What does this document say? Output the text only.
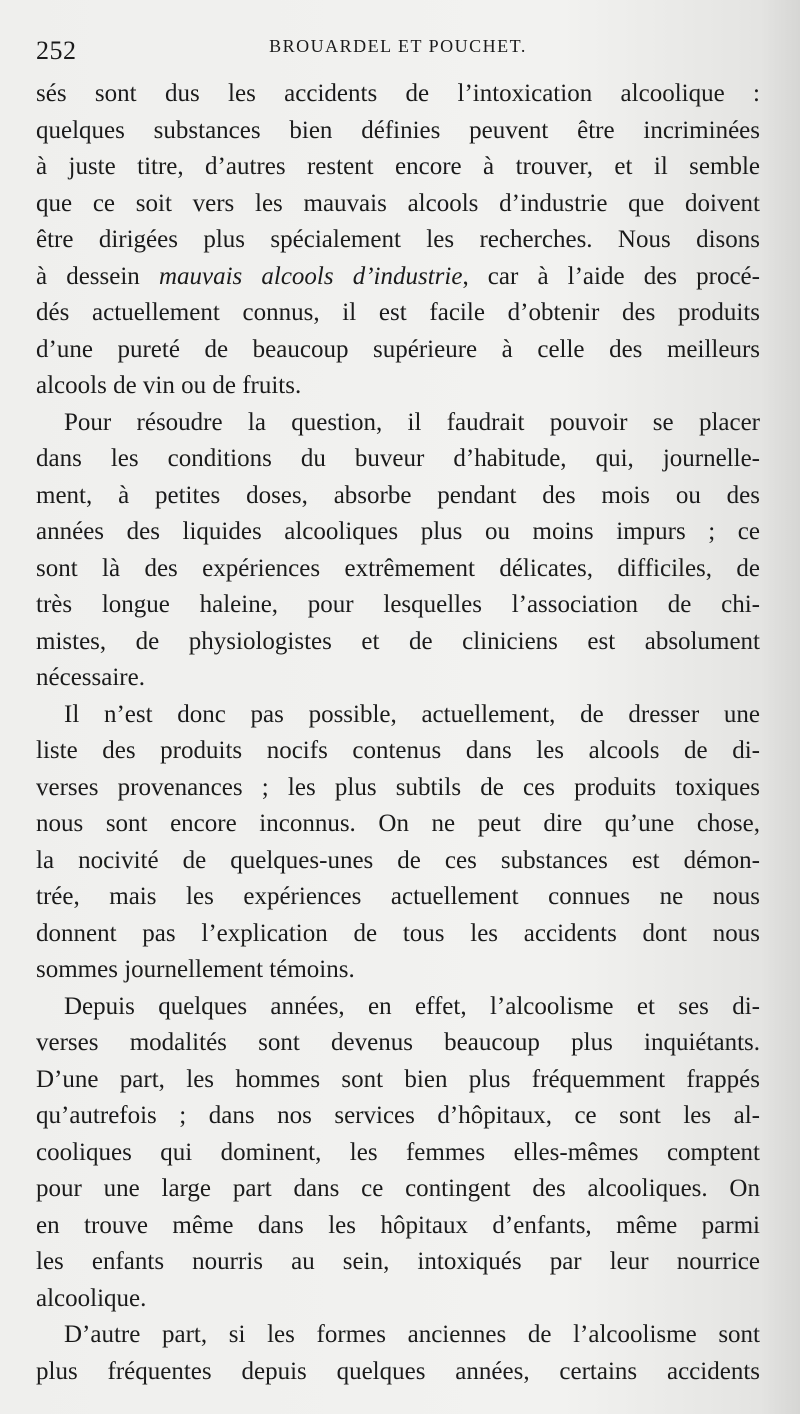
252	BROUARDEL ET POUCHET.
sés sont dus les accidents de l’intoxication alcoolique :
quelques substances bien définies peuvent être incriminées
à juste titre, d’autres restent encore à trouver, et il semble
que ce soit vers les mauvais alcools d’industrie que doivent
être dirigées plus spécialement les recherches. Nous disons
à dessein mauvais alcools d’industrie, car à l’aide des procé-
dés actuellement connus, il est facile d’obtenir des produits
d’une pureté de beaucoup supérieure à celle des meilleurs
alcools de vin ou de fruits.
Pour résoudre la question, il faudrait pouvoir se placer
dans les conditions du buveur d’habitude, qui, journelle-
ment, à petites doses, absorbe pendant des mois ou des
années des liquides alcooliques plus ou moins impurs ; ce
sont là des expériences extrêmement délicates, difficiles, de
très longue haleine, pour lesquelles l’association de chi-
mistes, de physiologistes et de cliniciens est absolument
nécessaire.
Il n’est donc pas possible, actuellement, de dresser une
liste des produits nocifs contenus dans les alcools de di-
verses provenances ; les plus subtils de ces produits toxiques
nous sont encore inconnus. On ne peut dire qu’une chose,
la nocivité de quelques-unes de ces substances est démon-
trée, mais les expériences actuellement connues ne nous
donnent pas l’explication de tous les accidents dont nous
sommes journellement témoins.
Depuis quelques années, en effet, l’alcoolisme et ses di-
verses modalités sont devenus beaucoup plus inquiétants.
D’une part, les hommes sont bien plus fréquemment frappés
qu’autrefois ; dans nos services d’hôpitaux, ce sont les al-
cooliques qui dominent, les femmes elles-mêmes comptent
pour une large part dans ce contingent des alcooliques. On
en trouve même dans les hôpitaux d’enfants, même parmi
les enfants nourris au sein, intoxiqués par leur nourrice
alcoolique.
D’autre part, si les formes anciennes de l’alcoolisme sont
plus fréquentes depuis quelques années, certains accidents
